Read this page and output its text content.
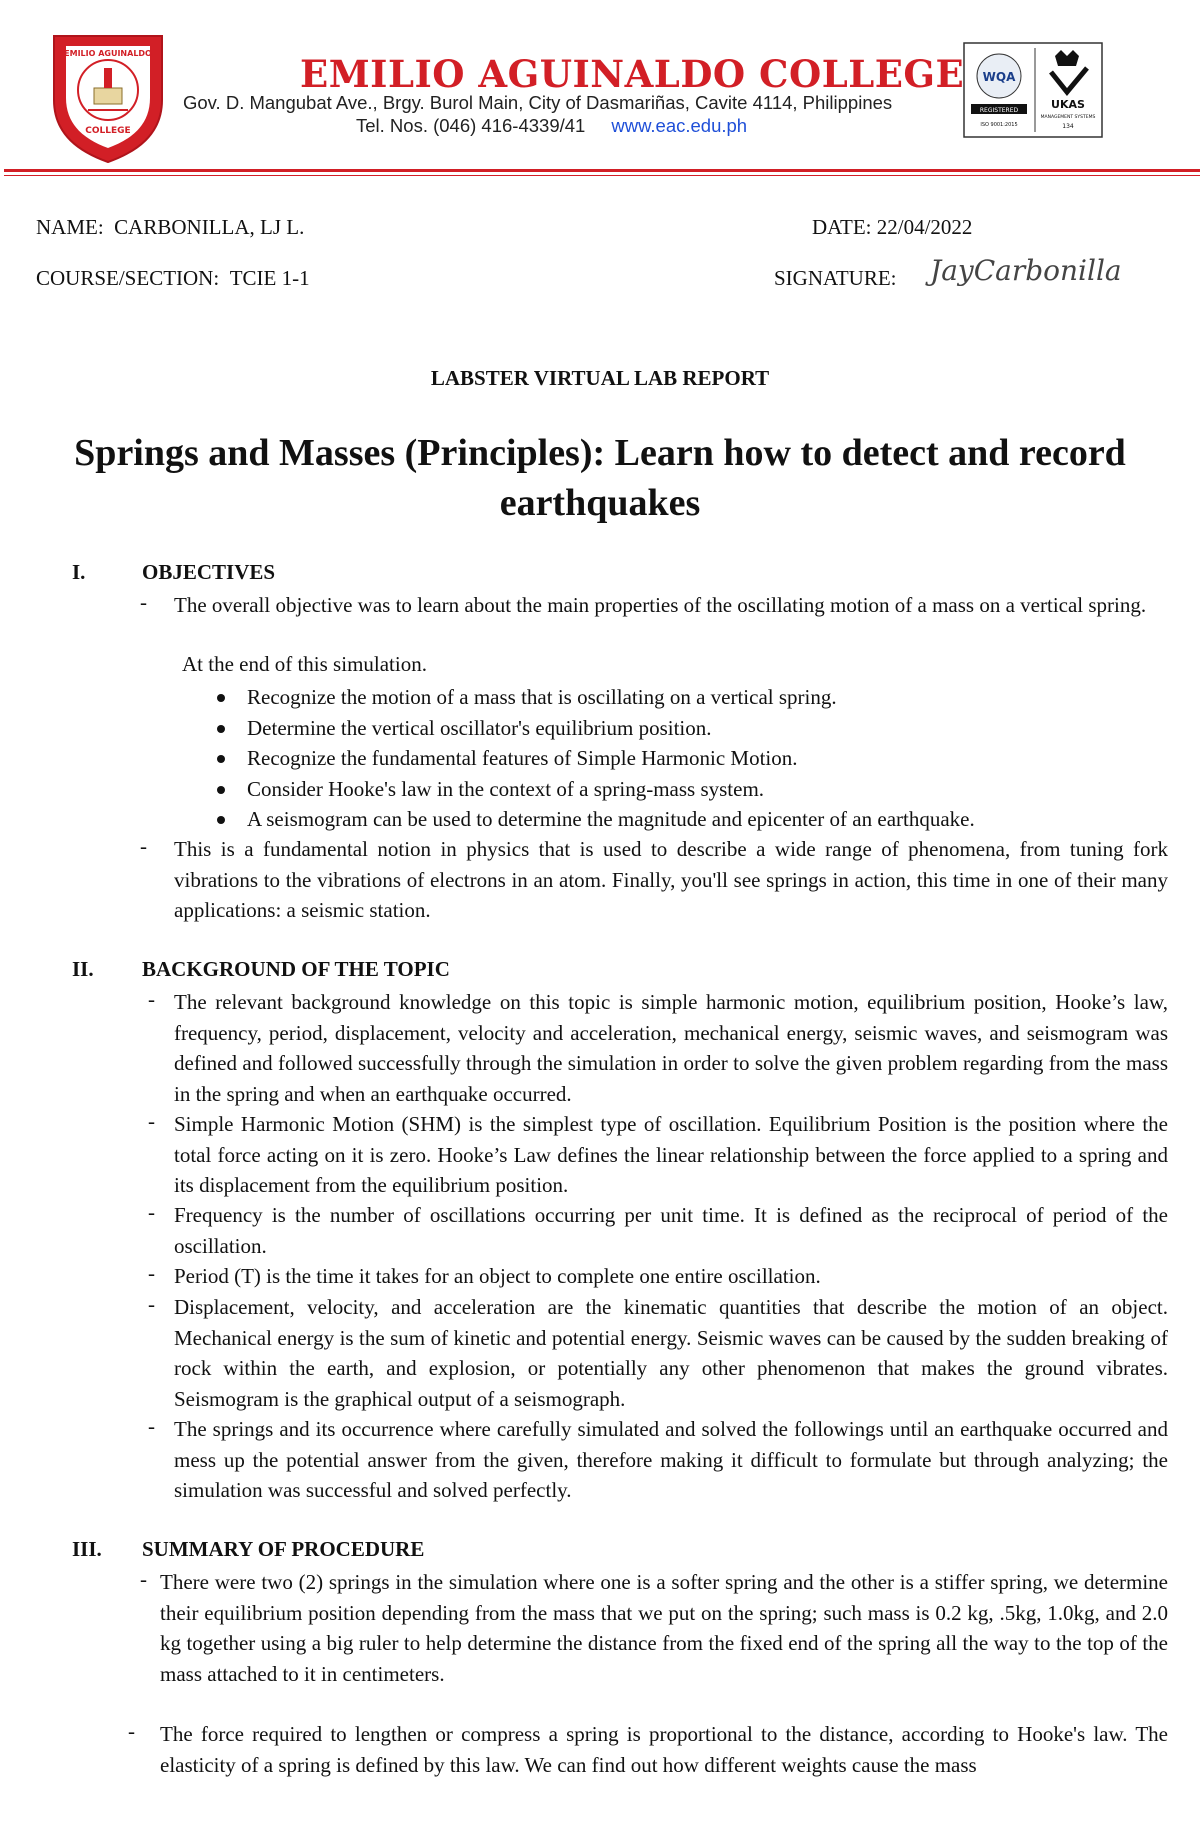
EMILIO AGUINALDO
COLLEGE
EMILIO AGUINALDO COLLEGE
Gov. D. Mangubat Ave., Brgy. Burol Main, City of Dasmariñas, Cavite 4114, Philippines
Tel. Nos. (046) 416-4339/41 www.eac.edu.ph
WQA
REGISTERED
ISO 9001:2015
UKAS
MANAGEMENT SYSTEMS
134
NAME: CARBONILLA, LJ L.	DATE: 22/04/2022
COURSE/SECTION: TCIE 1-1	SIGNATURE: JayCarbonilla
LABSTER VIRTUAL LAB REPORT
Springs and Masses (Principles): Learn how to detect and record earthquakes
I.	OBJECTIVES
- The overall objective was to learn about the main properties of the oscillating motion of a mass on a vertical spring.
At the end of this simulation.
Recognize the motion of a mass that is oscillating on a vertical spring.
Determine the vertical oscillator's equilibrium position.
Recognize the fundamental features of Simple Harmonic Motion.
Consider Hooke's law in the context of a spring-mass system.
A seismogram can be used to determine the magnitude and epicenter of an earthquake.
- This is a fundamental notion in physics that is used to describe a wide range of phenomena, from tuning fork vibrations to the vibrations of electrons in an atom. Finally, you'll see springs in action, this time in one of their many applications: a seismic station.
II. BACKGROUND OF THE TOPIC
- The relevant background knowledge on this topic is simple harmonic motion, equilibrium position, Hooke’s law, frequency, period, displacement, velocity and acceleration, mechanical energy, seismic waves, and seismogram was defined and followed successfully through the simulation in order to solve the given problem regarding from the mass in the spring and when an earthquake occurred.
- Simple Harmonic Motion (SHM) is the simplest type of oscillation. Equilibrium Position is the position where the total force acting on it is zero. Hooke’s Law defines the linear relationship between the force applied to a spring and its displacement from the equilibrium position.
- Frequency is the number of oscillations occurring per unit time. It is defined as the reciprocal of period of the oscillation.
- Period (T) is the time it takes for an object to complete one entire oscillation.
- Displacement, velocity, and acceleration are the kinematic quantities that describe the motion of an object. Mechanical energy is the sum of kinetic and potential energy. Seismic waves can be caused by the sudden breaking of rock within the earth, and explosion, or potentially any other phenomenon that makes the ground vibrates. Seismogram is the graphical output of a seismograph.
- The springs and its occurrence where carefully simulated and solved the followings until an earthquake occurred and mess up the potential answer from the given, therefore making it difficult to formulate but through analyzing; the simulation was successful and solved perfectly.
III. SUMMARY OF PROCEDURE
- There were two (2) springs in the simulation where one is a softer spring and the other is a stiffer spring, we determine their equilibrium position depending from the mass that we put on the spring; such mass is 0.2 kg, .5kg, 1.0kg, and 2.0 kg together using a big ruler to help determine the distance from the fixed end of the spring all the way to the top of the mass attached to it in centimeters.
- The force required to lengthen or compress a spring is proportional to the distance, according to Hooke's law. The elasticity of a spring is defined by this law. We can find out how different weights cause the mass
